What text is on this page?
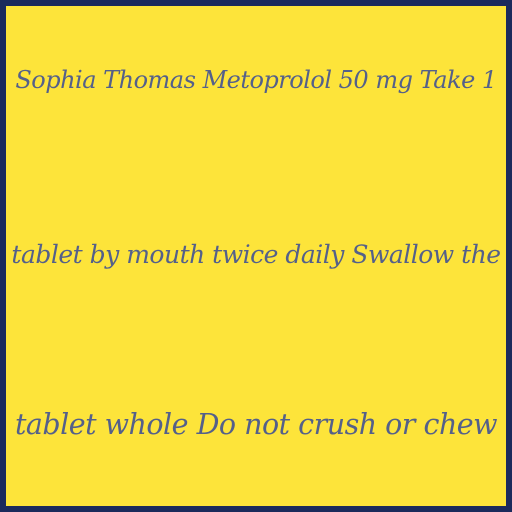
Sophia Thomas Metoprolol 50 mg Take 1
tablet by mouth twice daily Swallow the
tablet whole Do not crush or chew
